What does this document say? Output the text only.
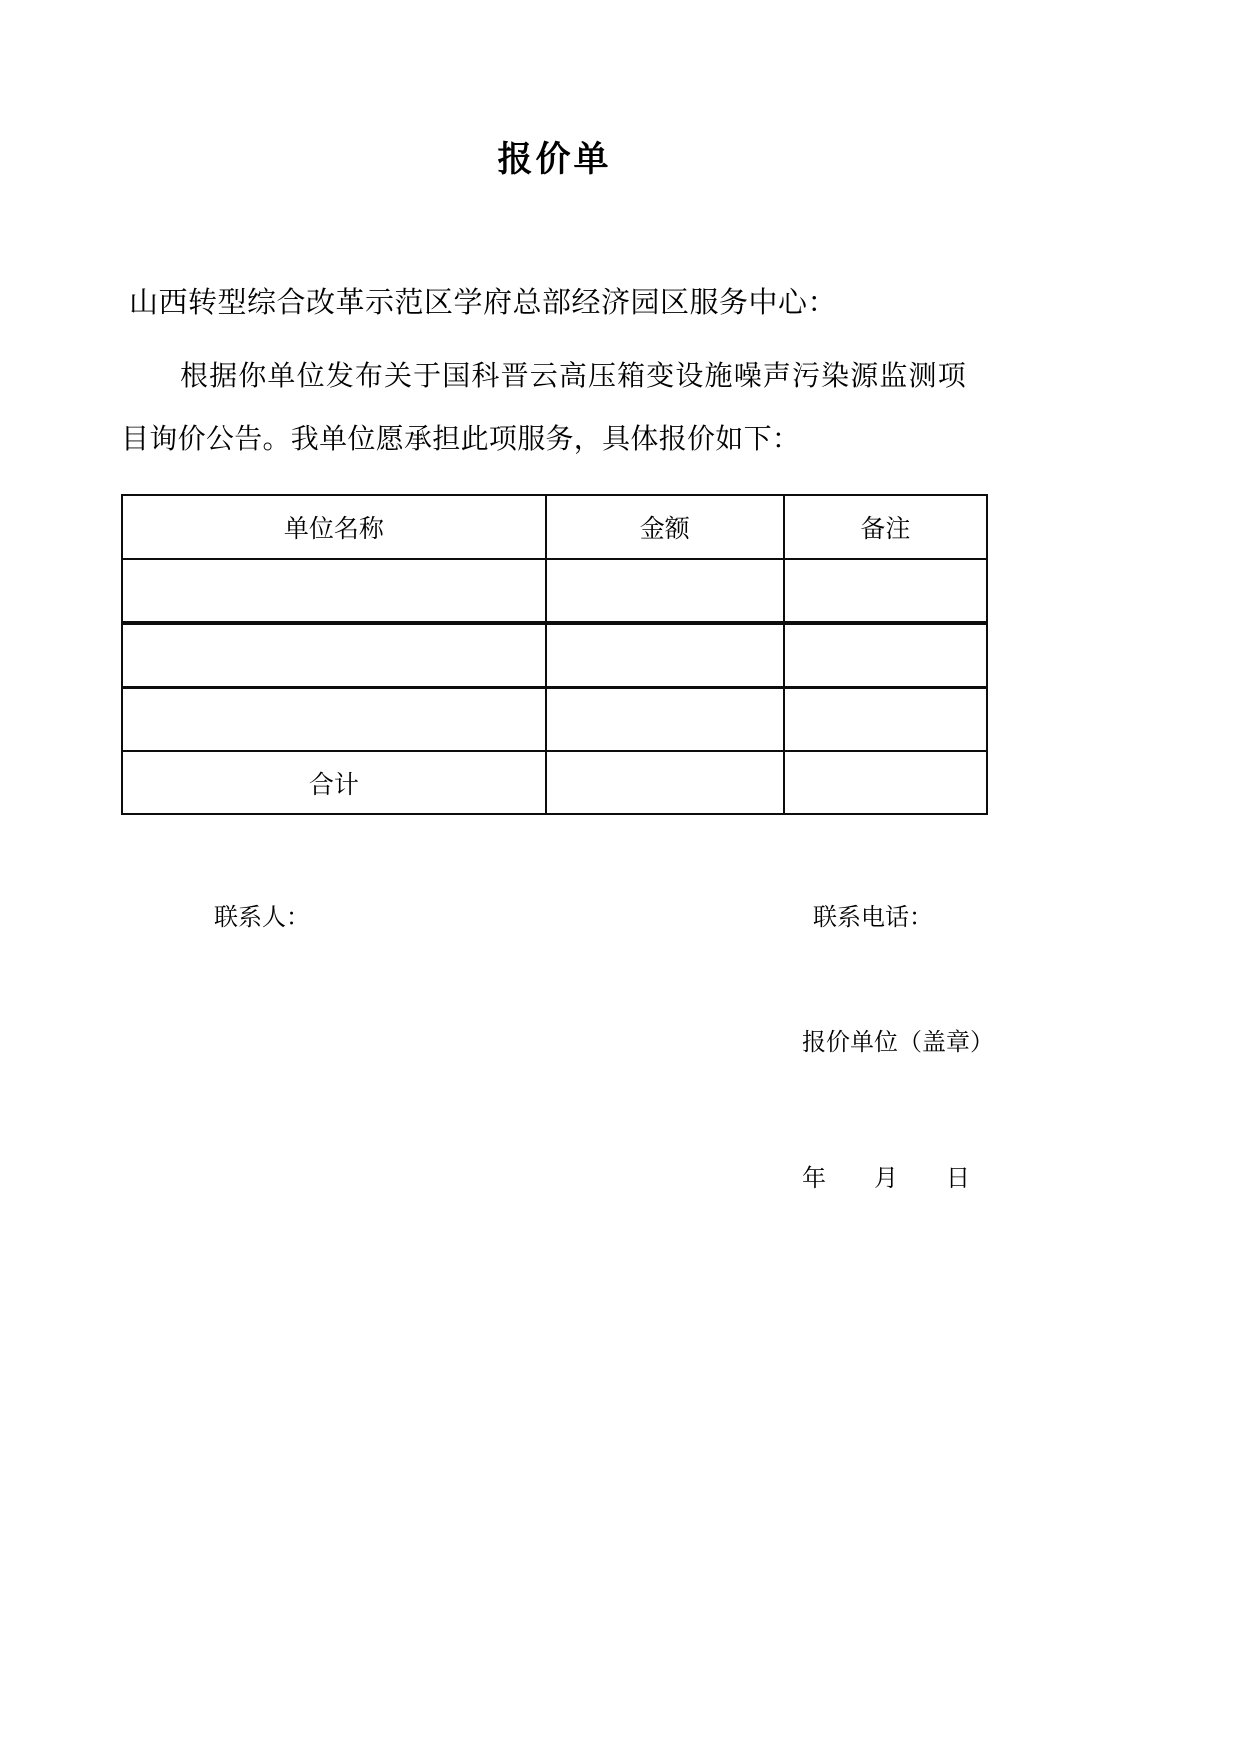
报价单
山西转型综合改革示范区学府总部经济园区服务中心：
根据你单位发布关于国科晋云高压箱变设施噪声污染源监测项目询价公告。我单位愿承担此项服务，具体报价如下：
单位名称	金额	备注

合计		
联系人：	联系电话：
报价单位（盖章）
年　　月　　日
